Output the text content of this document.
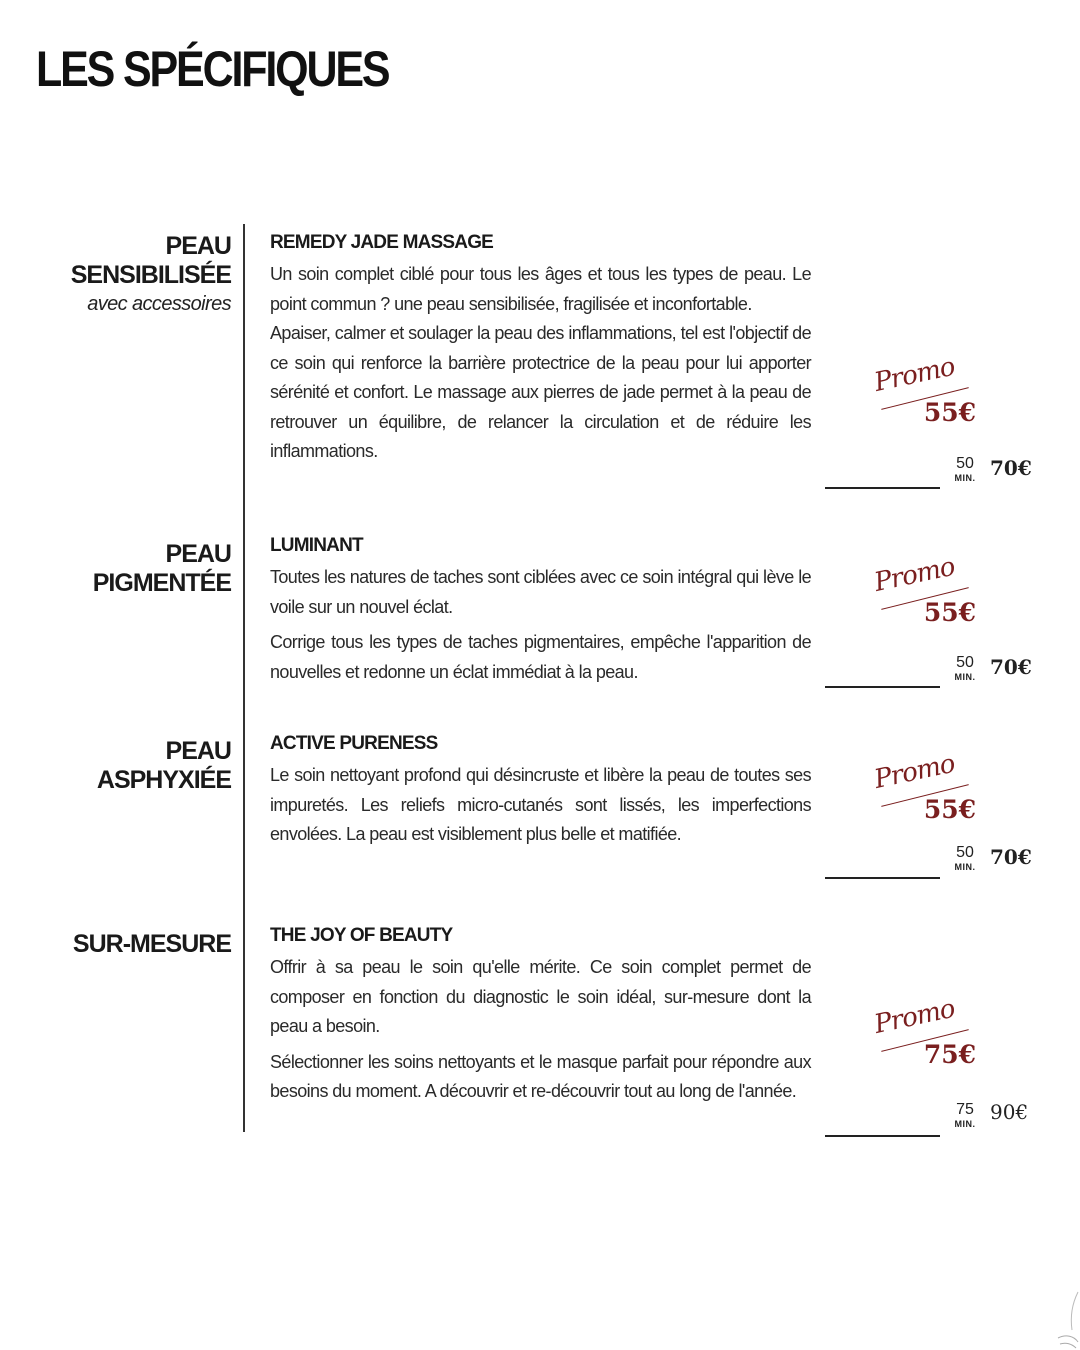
LES SPÉCIFIQUES
PEAU
SENSIBILISÉE
avec accessoires
REMEDY JADE MASSAGE

Un soin complet ciblé pour tous les âges et tous les types de peau. Le point commun ? une peau sensibilisée, fragilisée et inconfortable.

Apaiser, calmer et soulager la peau des inflammations, tel est l'objectif de ce soin qui renforce la barrière protectrice de la peau pour lui apporter sérénité et confort. Le massage aux pierres de jade permet à la peau de retrouver un équilibre, de relancer la circulation et de réduire les inflammations.

Promo
55€
50
MIN. 70€
PEAU
PIGMENTÉE
LUMINANT

Toutes les natures de taches sont ciblées avec ce soin intégral qui lève le voile sur un nouvel éclat.

Corrige tous les types de taches pigmentaires, empêche l'apparition de nouvelles et redonne un éclat immédiat à la peau.

Promo
55€
50
MIN. 70€
PEAU
ASPHYXIÉE
ACTIVE PURENESS

Le soin nettoyant profond qui désincruste et libère la peau de toutes ses impuretés. Les reliefs micro-cutanés sont lissés, les imperfections envolées. La peau est visiblement plus belle et matifiée.

Promo
55€
50
MIN. 70€
SUR-MESURE THE JOY OF BEAUTY

Offrir à sa peau le soin qu'elle mérite. Ce soin complet permet de composer en fonction du diagnostic le soin idéal, sur-mesure dont la peau a besoin.

Sélectionner les soins nettoyants et le masque parfait pour répondre aux besoins du moment. A découvrir et re-découvrir tout au long de l'année.

Promo
75€
75
MIN. 90€
